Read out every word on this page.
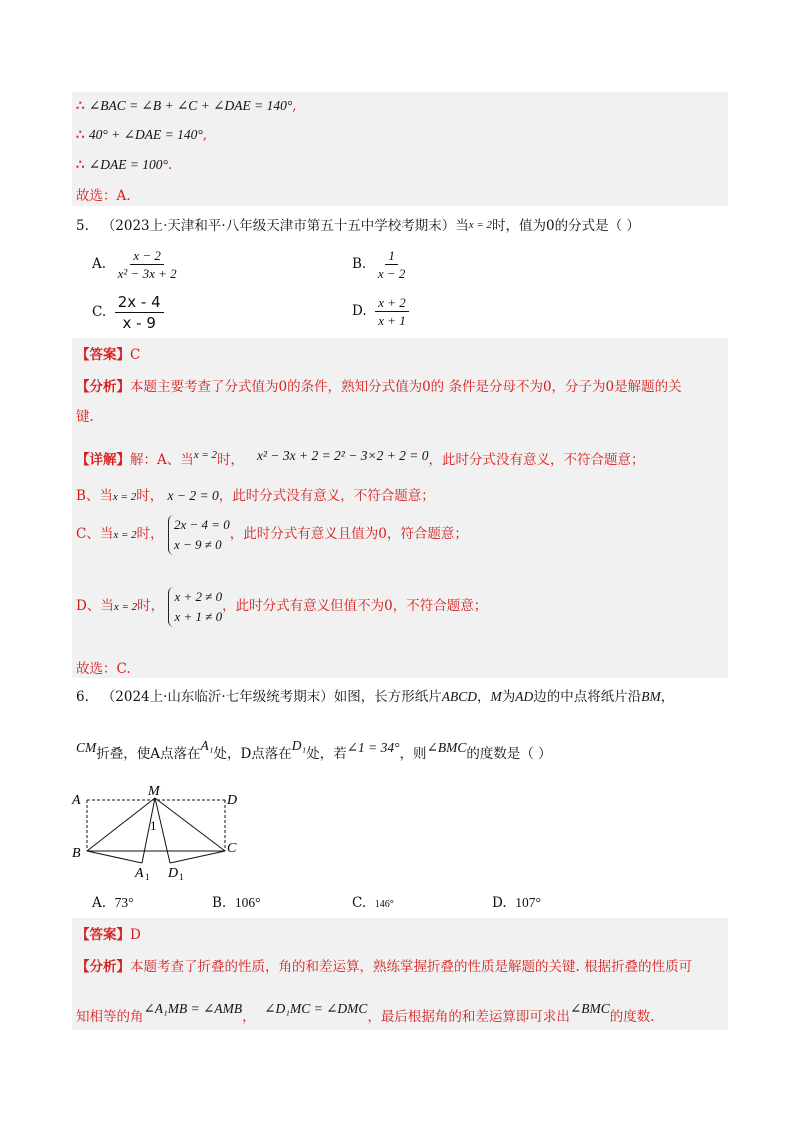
∴ ∠BAC = ∠B + ∠C + ∠DAE = 140°,
∴ 40° + ∠DAE = 140°,
∴ ∠DAE = 100°.
故选：A.
5. （2023上·天津和平·八年级天津市第五十五中学校考期末）当x = 2时，值为0的分式是（ ）
A. $\frac{x - 2}{\text{x² − 3x + 2}}$	B. $\frac{1}{x - 2}$
C. $\frac{2x - 4}{x - 9}$	D. $\frac{x + 2}{x + 1}$
【答案】C
【分析】本题主要考查了分式值为0的条件，熟知分式值为0的 条件是分母不为0，分子为0是解题的关
键.
【详解】解：A、当$^{x = 2}$时， x² − 3x + 2 = 2² − 3×2 + 2 = 0，此时分式没有意义，不符合题意；
B、当x = 2时， x − 2 = 0，此时分式没有意义，不符合题意；
C、当x = 2时， 2x − 4 = 0
x − 9 ≠ 0，此时分式有意义且值为0，符合题意；
D、当x = 2时， x + 2 ≠ 0
x + 1 ≠ 0，此时分式有意义但值不为0，不符合题意；
故选：C.
6. （2024上·山东临沂·七年级统考期末）如图，长方形纸片ABCD，M为AD边的中点将纸片沿BM，
CM折叠，使A点落在A₁处，D点落在D₁处，若∠1 = 34°，则∠BMC的度数是（ ）
A
M
D
B	C
1
A 1 D 1
A. 73°	B. 106°	C. 146°	D. 107°
【答案】D
【分析】本题考查了折叠的性质，角的和差运算，熟练掌握折叠的性质是解题的关键. 根据折叠的性质可
知相等的角∠A₁MB = ∠AMB，  ∠D₁MC = ∠DMC，最后根据角的和差运算即可求出∠BMC的度数.
